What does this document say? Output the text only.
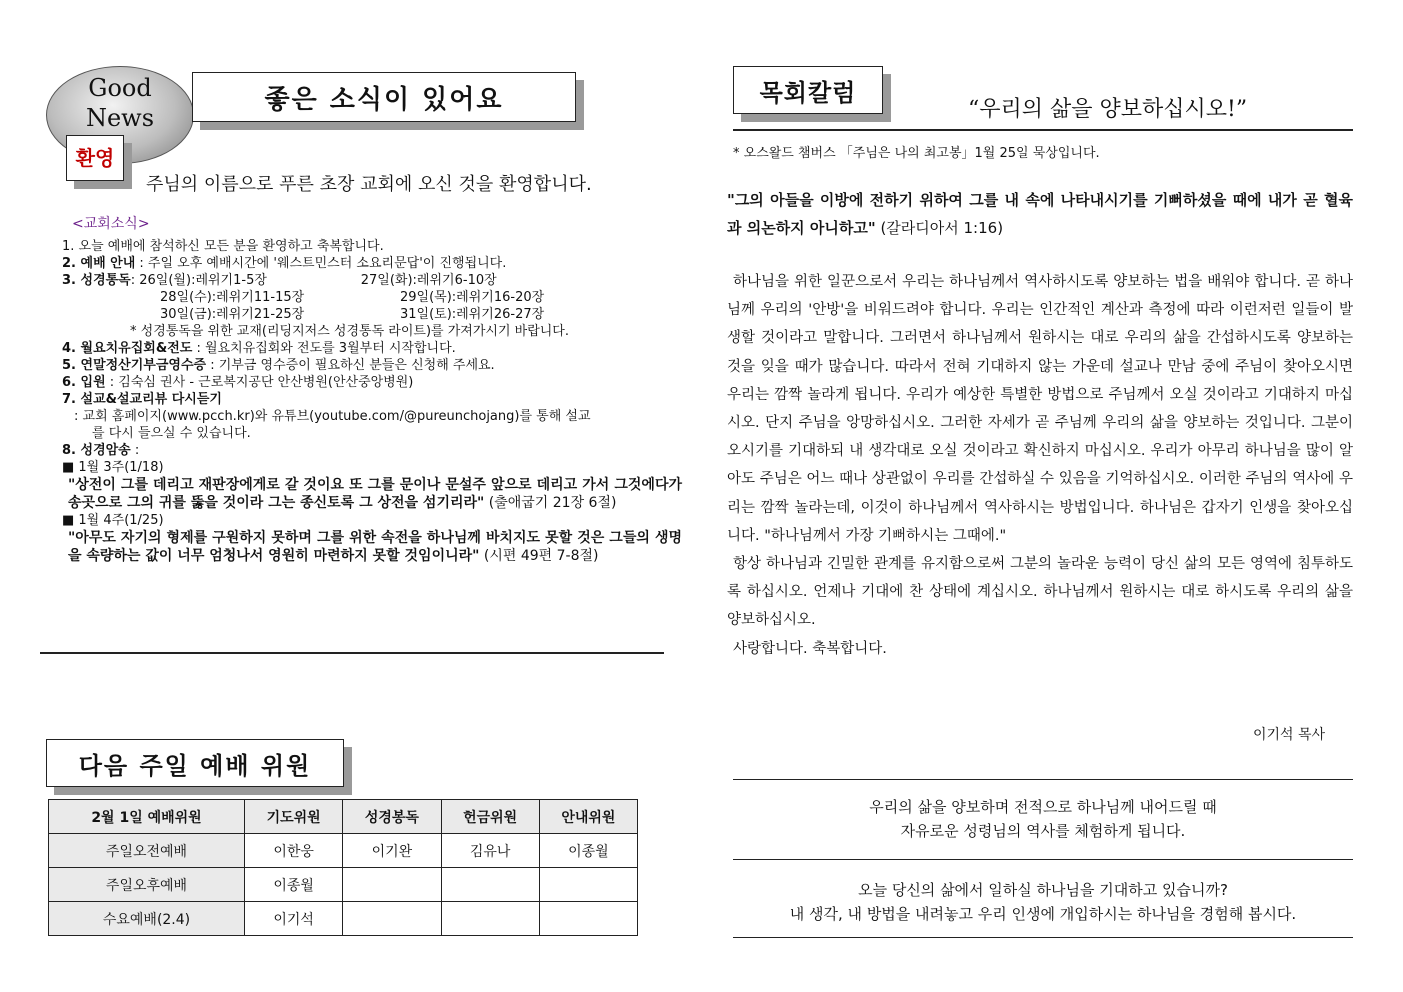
Good
News
좋은 소식이 있어요
환영
주님의 이름으로 푸른 초장 교회에 오신 것을 환영합니다.
<교회소식>
1. 오늘 예배에 참석하신 모든 분을 환영하고 축복합니다.
2. 예배 안내 : 주일 오후 예배시간에 '웨스트민스터 소요리문답'이 진행됩니다.
3. 성경통독: 26일(월):레위기1-5장	27일(화):레위기6-10장
28일(수):레위기11-15장	29일(목):레위기16-20장
30일(금):레위기21-25장	31일(토):레위기26-27장
* 성경통독을 위한 교재(리딩지저스 성경통독 라이트)를 가져가시기 바랍니다.
4. 월요치유집회&전도 : 월요치유집회와 전도를 3월부터 시작합니다.
5. 연말정산기부금영수증 : 기부금 영수증이 필요하신 분들은 신청해 주세요.
6. 입원 : 김숙심 권사 - 근로복지공단 안산병원(안산중앙병원)
7. 설교&설교리뷰 다시듣기
: 교회 홈페이지(www.pcch.kr)와 유튜브(youtube.com/@pureunchojang)를 통해 설교
를 다시 들으실 수 있습니다.
8. 성경암송 :
■ 1월 3주(1/18)
"상전이 그를 데리고 재판장에게로 갈 것이요 또 그를 문이나 문설주 앞으로 데리고 가서 그것에다가 송곳으로 그의 귀를 뚫을 것이라 그는 종신토록 그 상전을 섬기리라" (출애굽기 21장 6절)
■ 1월 4주(1/25)
"아무도 자기의 형제를 구원하지 못하며 그를 위한 속전을 하나님께 바치지도 못할 것은 그들의 생명을 속량하는 값이 너무 엄청나서 영원히 마련하지 못할 것임이니라" (시편 49편 7-8절)
다음 주일 예배 위원
2월 1일 예배위원	기도위원	성경봉독	헌금위원	안내위원
주일오전예배	이한웅	이기완	김유나	이종월
주일오후예배	이종월			
수요예배(2.4)	이기석			
목회칼럼
“우리의 삶을 양보하십시오!”
* 오스왈드 챔버스 「주님은 나의 최고봉」1월 25일 묵상입니다.
"그의 아들을 이방에 전하기 위하여 그를 내 속에 나타내시기를 기뻐하셨을 때에 내가 곧 혈육과 의논하지 아니하고" (갈라디아서 1:16)

하나님을 위한 일꾼으로서 우리는 하나님께서 역사하시도록 양보하는 법을 배워야 합니다. 곧 하나님께 우리의 '안방'을 비워드려야 합니다. 우리는 인간적인 계산과 측정에 따라 이런저런 일들이 발생할 것이라고 말합니다. 그러면서 하나님께서 원하시는 대로 우리의 삶을 간섭하시도록 양보하는 것을 잊을 때가 많습니다. 따라서 전혀 기대하지 않는 가운데 설교나 만남 중에 주님이 찾아오시면 우리는 깜짝 놀라게 됩니다. 우리가 예상한 특별한 방법으로 주님께서 오실 것이라고 기대하지 마십시오. 단지 주님을 앙망하십시오. 그러한 자세가 곧 주님께 우리의 삶을 양보하는 것입니다. 그분이 오시기를 기대하되 내 생각대로 오실 것이라고 확신하지 마십시오. 우리가 아무리 하나님을 많이 알아도 주님은 어느 때나 상관없이 우리를 간섭하실 수 있음을 기억하십시오. 이러한 주님의 역사에 우리는 깜짝 놀라는데, 이것이 하나님께서 역사하시는 방법입니다. 하나님은 갑자기 인생을 찾아오십니다. "하나님께서 가장 기뻐하시는 그때에."

항상 하나님과 긴밀한 관계를 유지함으로써 그분의 놀라운 능력이 당신 삶의 모든 영역에 침투하도록 하십시오. 언제나 기대에 찬 상태에 계십시오. 하나님께서 원하시는 대로 하시도록 우리의 삶을 양보하십시오.

사랑합니다. 축복합니다.

이기석 목사
우리의 삶을 양보하며 전적으로 하나님께 내어드릴 때
자유로운 성령님의 역사를 체험하게 됩니다.
오늘 당신의 삶에서 일하실 하나님을 기대하고 있습니까?
내 생각, 내 방법을 내려놓고 우리 인생에 개입하시는 하나님을 경험해 봅시다.
